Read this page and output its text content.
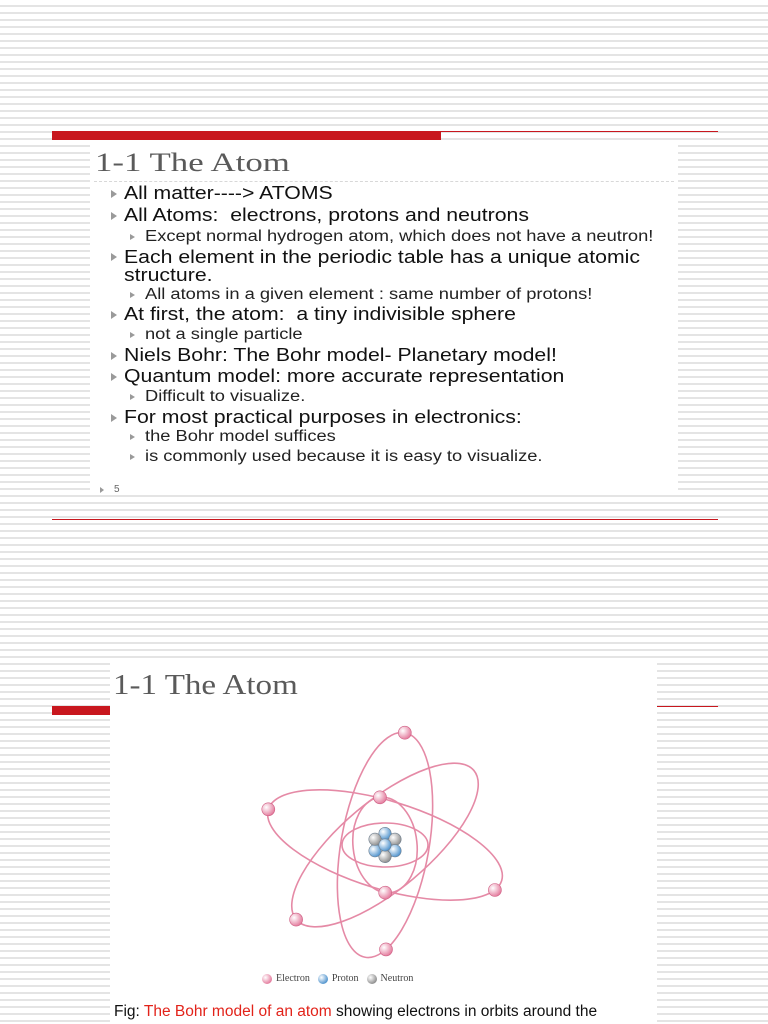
1-1 The Atom
All matter----> ATOMS
All Atoms:  electrons, protons and neutrons
Except normal hydrogen atom, which does not have a neutron!
Each element in the periodic table has a unique atomic structure.
All atoms in a given element : same number of protons!
At first, the atom:  a tiny indivisible sphere
not a single particle
Niels Bohr: The Bohr model- Planetary model!
Quantum model: more accurate representation
Difficult to visualize.
For most practical purposes in electronics:
the Bohr model suffices
is commonly used because it is easy to visualize.
5
1-1 The Atom
Electron Proton Neutron
Fig: The Bohr model of an atom showing electrons in orbits around the
